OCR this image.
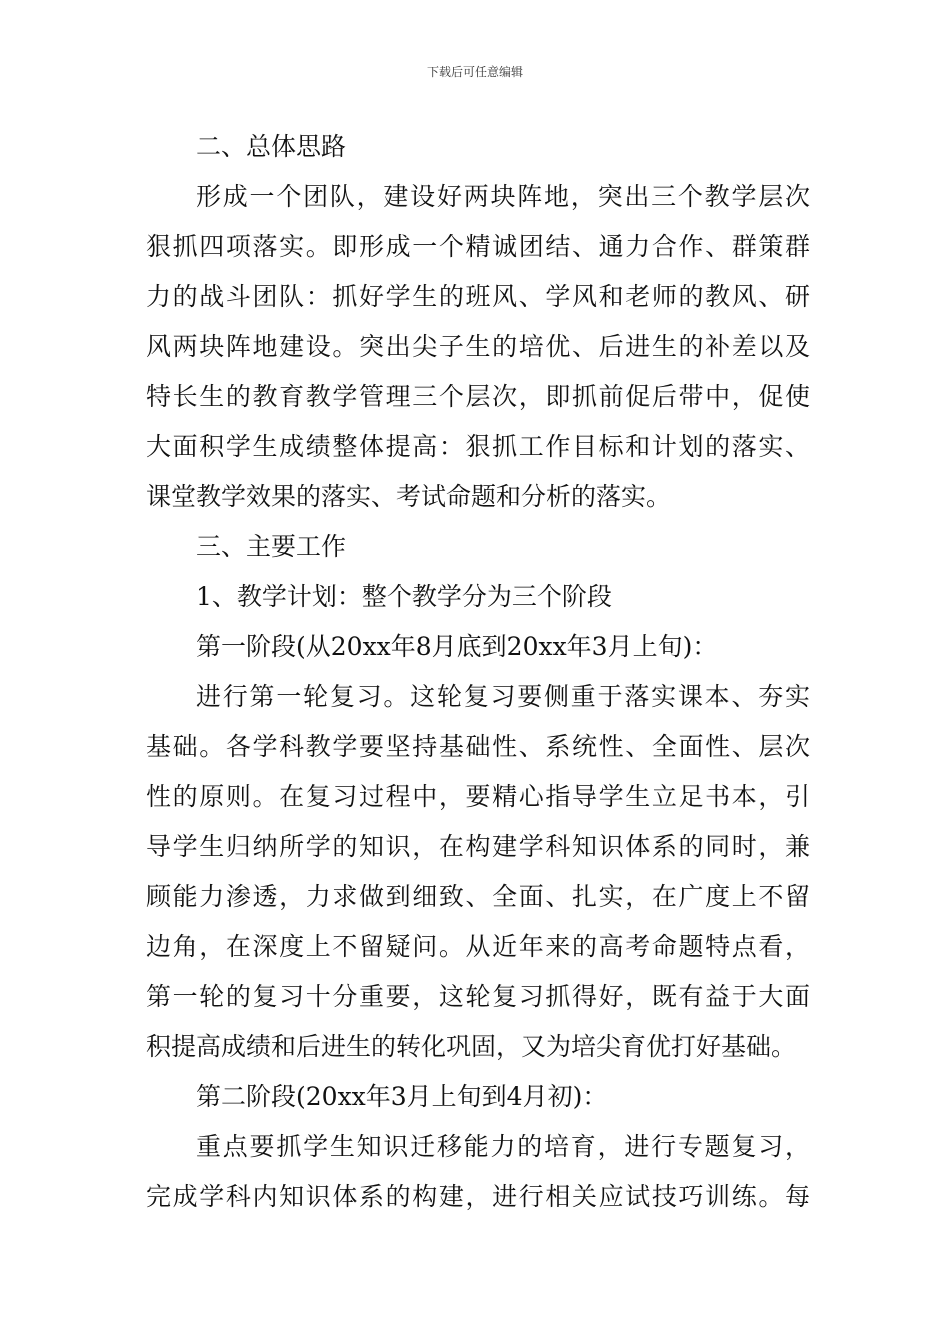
下载后可任意编辑
二、总体思路
形成一个团队，建设好两块阵地，突出三个教学层次
狠抓四项落实。即形成一个精诚团结、通力合作、群策群
力的战斗团队：抓好学生的班风、学风和老师的教风、研
风两块阵地建设。突出尖子生的培优、后进生的补差以及
特长生的教育教学管理三个层次，即抓前促后带中，促使
大面积学生成绩整体提高：狠抓工作目标和计划的落实、
课堂教学效果的落实、考试命题和分析的落实。
三、主要工作
1、教学计划：整个教学分为三个阶段
第一阶段(从20xx年8月底到20xx年3月上旬)：
进行第一轮复习。这轮复习要侧重于落实课本、夯实
基础。各学科教学要坚持基础性、系统性、全面性、层次
性的原则。在复习过程中，要精心指导学生立足书本，引
导学生归纳所学的知识，在构建学科知识体系的同时，兼
顾能力渗透，力求做到细致、全面、扎实，在广度上不留
边角，在深度上不留疑问。从近年来的高考命题特点看，
第一轮的复习十分重要，这轮复习抓得好，既有益于大面
积提高成绩和后进生的转化巩固，又为培尖育优打好基础。
第二阶段(20xx年3月上旬到4月初)：
重点要抓学生知识迁移能力的培育，进行专题复习，
完成学科内知识体系的构建，进行相关应试技巧训练。每
